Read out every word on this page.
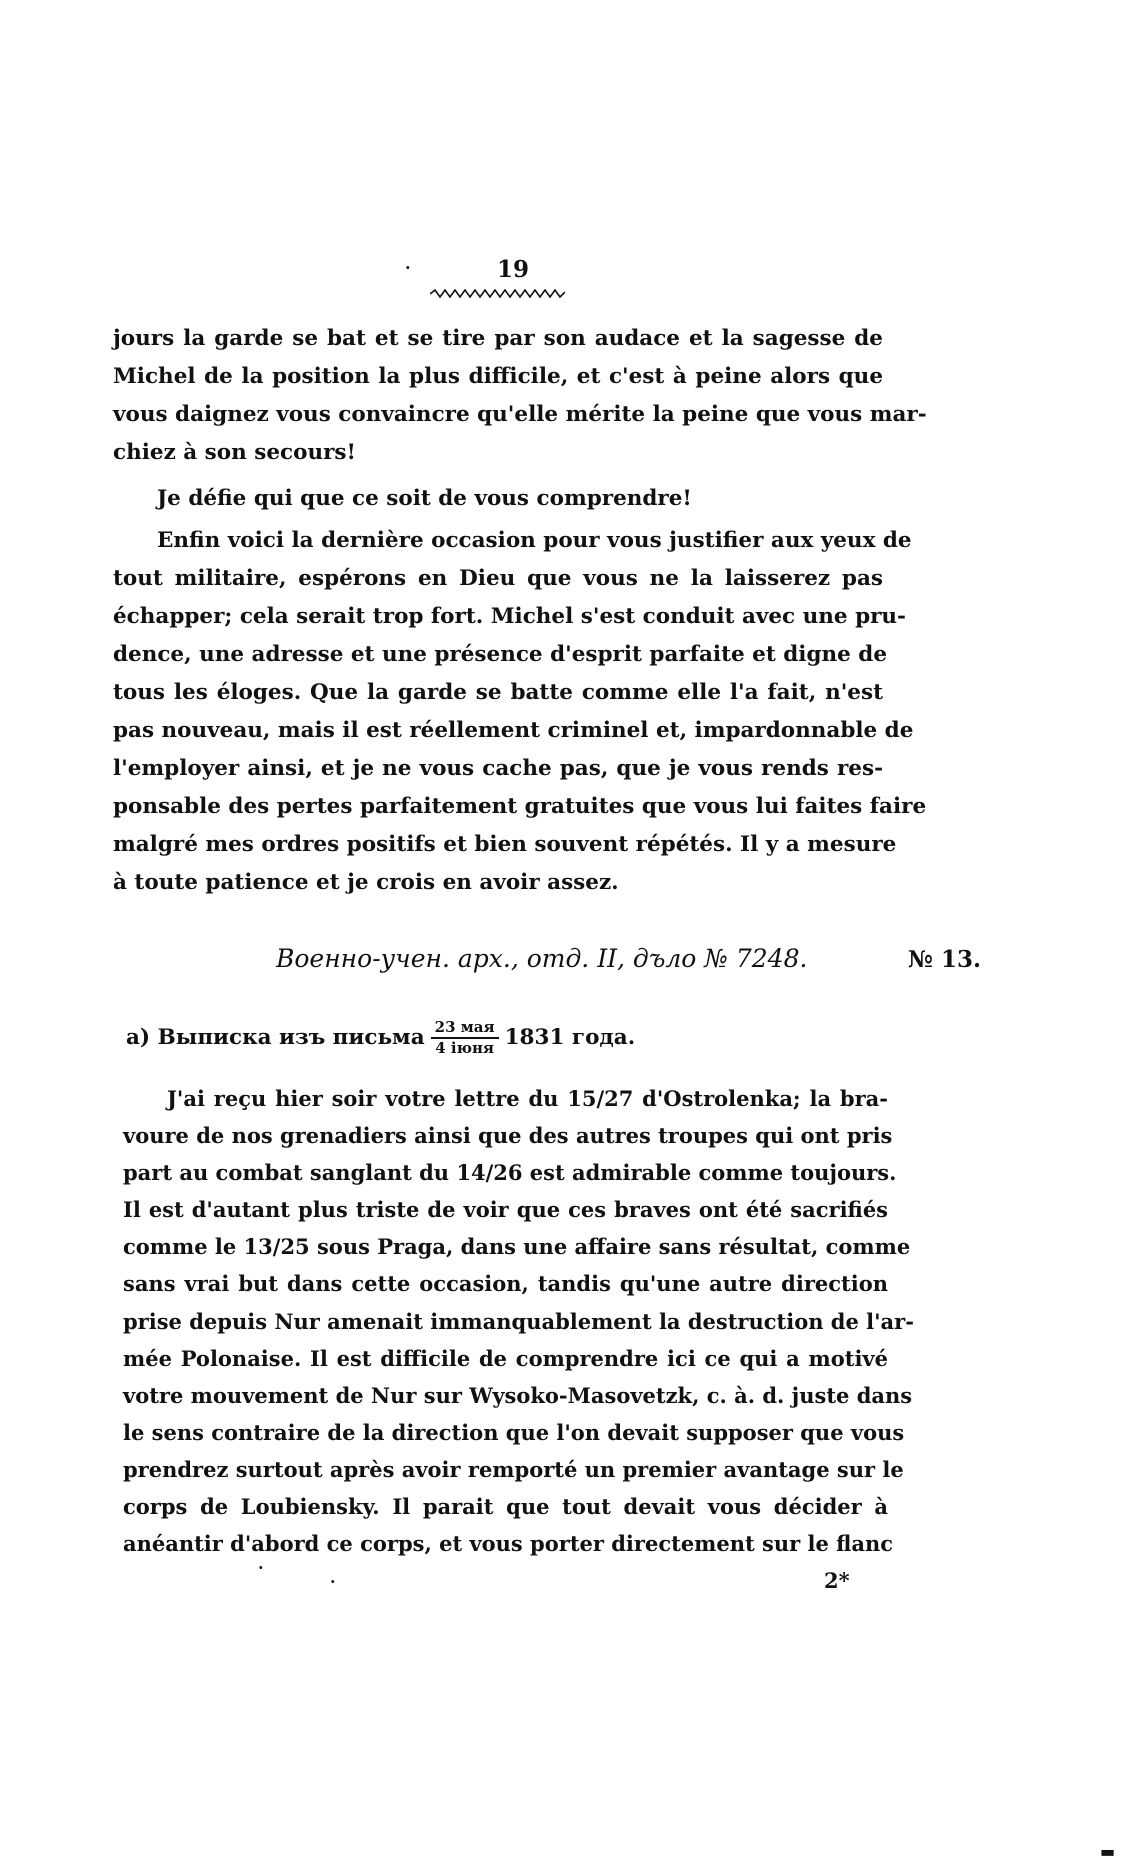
·	19
jours la garde se bat et se tire par son audace et la sagesse de
Michel de la position la plus difficile, et c'est à peine alors que
vous daignez vous convaincre qu'elle mérite la peine que vous mar-
chiez à son secours!
Je défie qui que ce soit de vous comprendre!
Enfin voici la dernière occasion pour vous justifier aux yeux de
tout militaire, espérons en Dieu que vous ne la laisserez pas
échapper; cela serait trop fort. Michel s'est conduit avec une pru-
dence, une adresse et une présence d'esprit parfaite et digne de
tous les éloges. Que la garde se batte comme elle l'a fait, n'est
pas nouveau, mais il est réellement criminel et, impardonnable de
l'employer ainsi, et je ne vous cache pas, que je vous rends res-
ponsable des pertes parfaitement gratuites que vous lui faites faire
malgré mes ordres positifs et bien souvent répétés. Il y a mesure
à toute patience et je crois en avoir assez.
Военно-учен. арх., отд. II, дъло № 7248.	№ 13.
а) Выписка изъ письма $\frac{\text{23 мая}}{\text{4 іюня}} 1831$ года.
J'ai reçu hier soir votre lettre du 15/27 d'Ostrolenka; la bra-
voure de nos grenadiers ainsi que des autres troupes qui ont pris
part au combat sanglant du 14/26 est admirable comme toujours.
Il est d'autant plus triste de voir que ces braves ont été sacrifiés
comme le 13/25 sous Praga, dans une affaire sans résultat, comme
sans vrai but dans cette occasion, tandis qu'une autre direction
prise depuis Nur amenait immanquablement la destruction de l'ar-
mée Polonaise. Il est difficile de comprendre ici ce qui a motivé
votre mouvement de Nur sur Wysoko-Masovetzk, c. à. d. juste dans
le sens contraire de la direction que l'on devait supposer que vous
prendrez surtout après avoir remporté un premier avantage sur le
corps de Loubiensky. Il parait que tout devait vous décider à
anéantir d'abord ce corps, et vous porter directement sur le flanc
·
·	2*
▬
